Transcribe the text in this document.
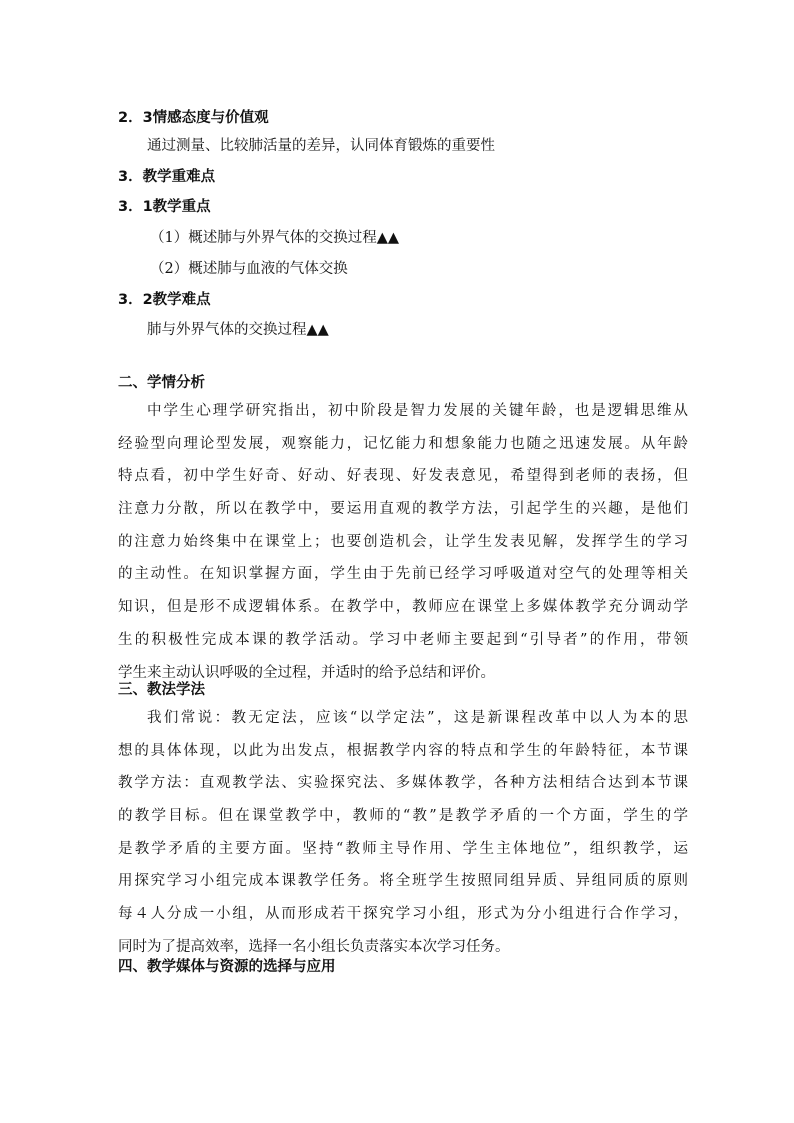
2．3情感态度与价值观
通过测量、比较肺活量的差异，认同体育锻炼的重要性
3．教学重难点
3．1教学重点
（1）概述肺与外界气体的交换过程▲▲
（2）概述肺与血液的气体交换
3．2教学难点
肺与外界气体的交换过程▲▲
二、学情分析
中学生心理学研究指出，初中阶段是智力发展的关键年龄，也是逻辑思维从
经验型向理论型发展，观察能力，记忆能力和想象能力也随之迅速发展。从年龄
特点看，初中学生好奇、好动、好表现、好发表意见，希望得到老师的表扬，但
注意力分散，所以在教学中，要运用直观的教学方法，引起学生的兴趣，是他们
的注意力始终集中在课堂上；也要创造机会，让学生发表见解，发挥学生的学习
的主动性。在知识掌握方面，学生由于先前已经学习呼吸道对空气的处理等相关
知识，但是形不成逻辑体系。在教学中，教师应在课堂上多媒体教学充分调动学
生的积极性完成本课的教学活动。学习中老师主要起到“引导者”的作用，带领
学生来主动认识呼吸的全过程，并适时的给予总结和评价。
三、教法学法
我们常说：教无定法，应该“以学定法”，这是新课程改革中以人为本的思
想的具体体现，以此为出发点，根据教学内容的特点和学生的年龄特征，本节课
教学方法：直观教学法、实验探究法、多媒体教学，各种方法相结合达到本节课
的教学目标。但在课堂教学中，教师的“教”是教学矛盾的一个方面，学生的学
是教学矛盾的主要方面。坚持“教师主导作用、学生主体地位”，组织教学，运
用探究学习小组完成本课教学任务。将全班学生按照同组异质、异组同质的原则
每４人分成一小组，从而形成若干探究学习小组，形式为分小组进行合作学习，
同时为了提高效率，选择一名小组长负责落实本次学习任务。
四、教学媒体与资源的选择与应用
